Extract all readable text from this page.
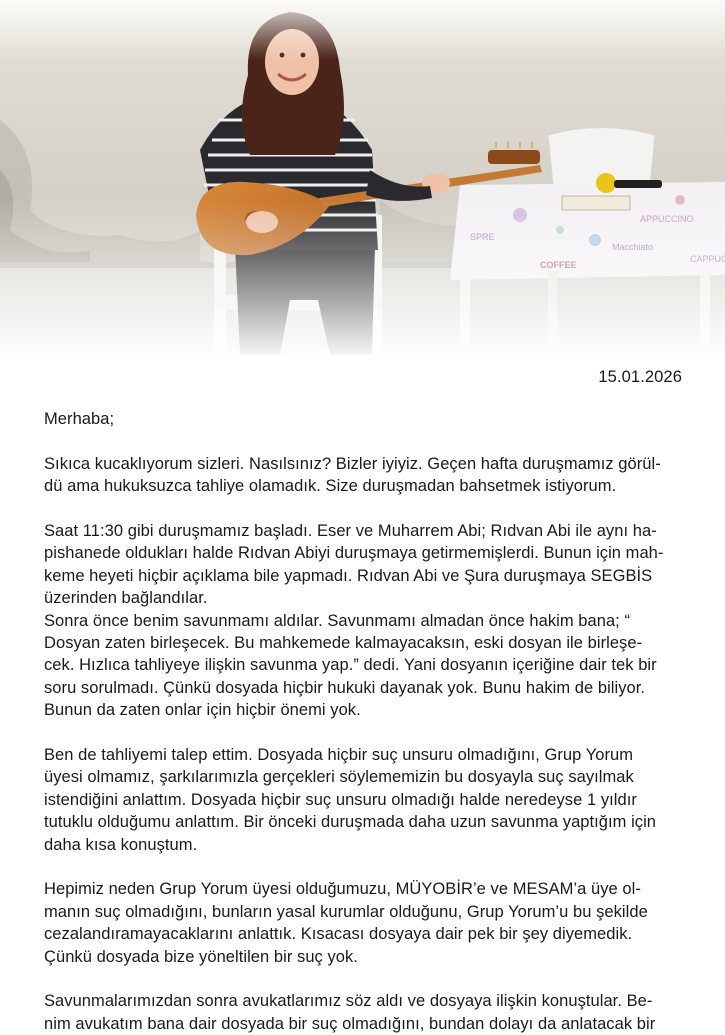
15.01.2026

Merhaba;

Sıkıca kucaklıyorum sizleri. Nasılsınız? Bizler iyiyiz. Geçen hafta duruşmamız görül-
dü ama hukuksuzca tahliye olamadık. Size duruşmadan bahsetmek istiyorum.

Saat 11:30 gibi duruşmamız başladı. Eser ve Muharrem Abi; Rıdvan Abi ile aynı ha-
pishanede oldukları halde Rıdvan Abiyi duruşmaya getirmemişlerdi. Bunun için mah-
keme heyeti hiçbir açıklama bile yapmadı. Rıdvan Abi ve Şura duruşmaya SEGBİS
üzerinden bağlandılar.
Sonra önce benim savunmamı aldılar. Savunmamı almadan önce hakim bana; “
Dosyan zaten birleşecek. Bu mahkemede kalmayacaksın, eski dosyan ile birleşe-
cek. Hızlıca tahliyeye ilişkin savunma yap.” dedi. Yani dosyanın içeriğine dair tek bir
soru sorulmadı. Çünkü dosyada hiçbir hukuki dayanak yok. Bunu hakim de biliyor.
Bunun da zaten onlar için hiçbir önemi yok.

Ben de tahliyemi talep ettim. Dosyada hiçbir suç unsuru olmadığını, Grup Yorum
üyesi olmamız, şarkılarımızla gerçekleri söylememizin bu dosyayla suç sayılmak
istendiğini anlattım. Dosyada hiçbir suç unsuru olmadığı halde neredeyse 1 yıldır
tutuklu olduğumu anlattım. Bir önceki duruşmada daha uzun savunma yaptığım için
daha kısa konuştum.

Hepimiz neden Grup Yorum üyesi olduğumuzu, MÜYOBİR’e ve MESAM’a üye ol-
manın suç olmadığını, bunların yasal kurumlar olduğunu, Grup Yorum’u bu şekilde
cezalandıramayacaklarını anlattık. Kısacası dosyaya dair pek bir şey diyemedik.
Çünkü dosyada bize yöneltilen bir suç yok.

Savunmalarımızdan sonra avukatlarımız söz aldı ve dosyaya ilişkin konuştular. Be-
nim avukatım bana dair dosyada bir suç olmadığını, bundan dolayı da anlatacak bir
